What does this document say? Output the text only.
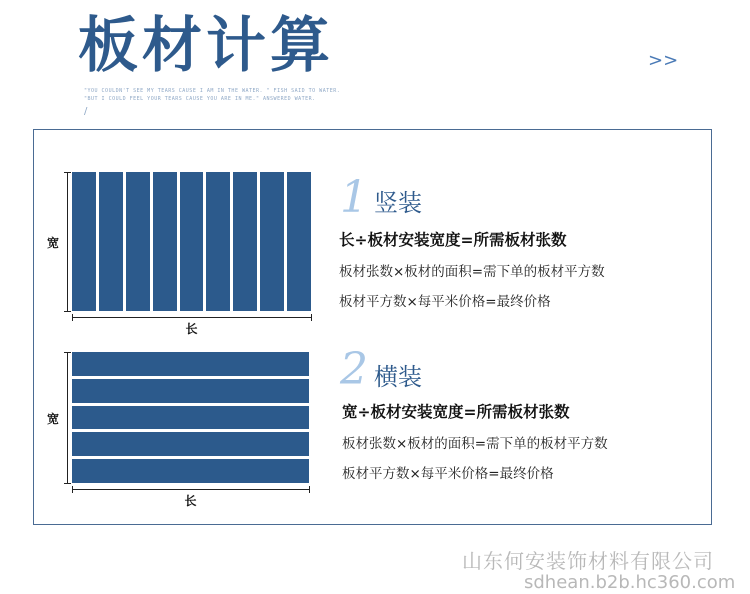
板材计算
"YOU COULDN'T SEE MY TEARS CAUSE I AM IN THE WATER. " FISH SAID TO WATER.
"BUT I COULD FEEL YOUR TEARS CAUSE YOU ARE IN ME." ANSWERED WATER.
/
>>
宽
长
1 竖装
长÷板材安装宽度=所需板材张数
板材张数×板材的面积=需下单的板材平方数
板材平方数×每平米价格=最终价格
宽
长
2 横装
宽÷板材安装宽度=所需板材张数
板材张数×板材的面积=需下单的板材平方数
板材平方数×每平米价格=最终价格
山东何安装饰材料有限公司
sdhean.b2b.hc360.com
